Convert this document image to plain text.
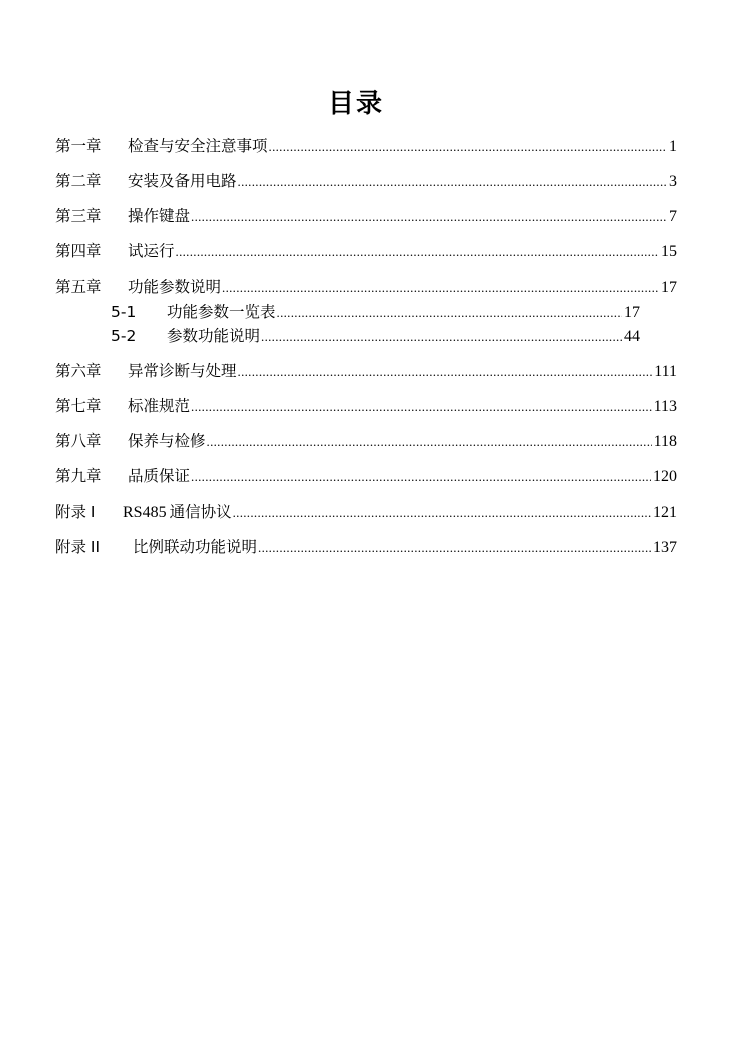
目录
第一章	检查与安全注意事项 .....	1
第二章	安装及备用电路 .....	3
第三章	操作键盘 .....	7
第四章	试运行 .....	15
第五章	功能参数说明 .....	17
5-1	功能参数一览表 .....	17
5-2	参数功能说明 .....	44
第六章	异常诊断与处理 .....	111
第七章	标准规范 .....	113
第八章	保养与检修 .....	118
第九章	品质保证 .....	120
附录 I	RS485 通信协议 .....	121
附录 II	比例联动功能说明 .....	137
